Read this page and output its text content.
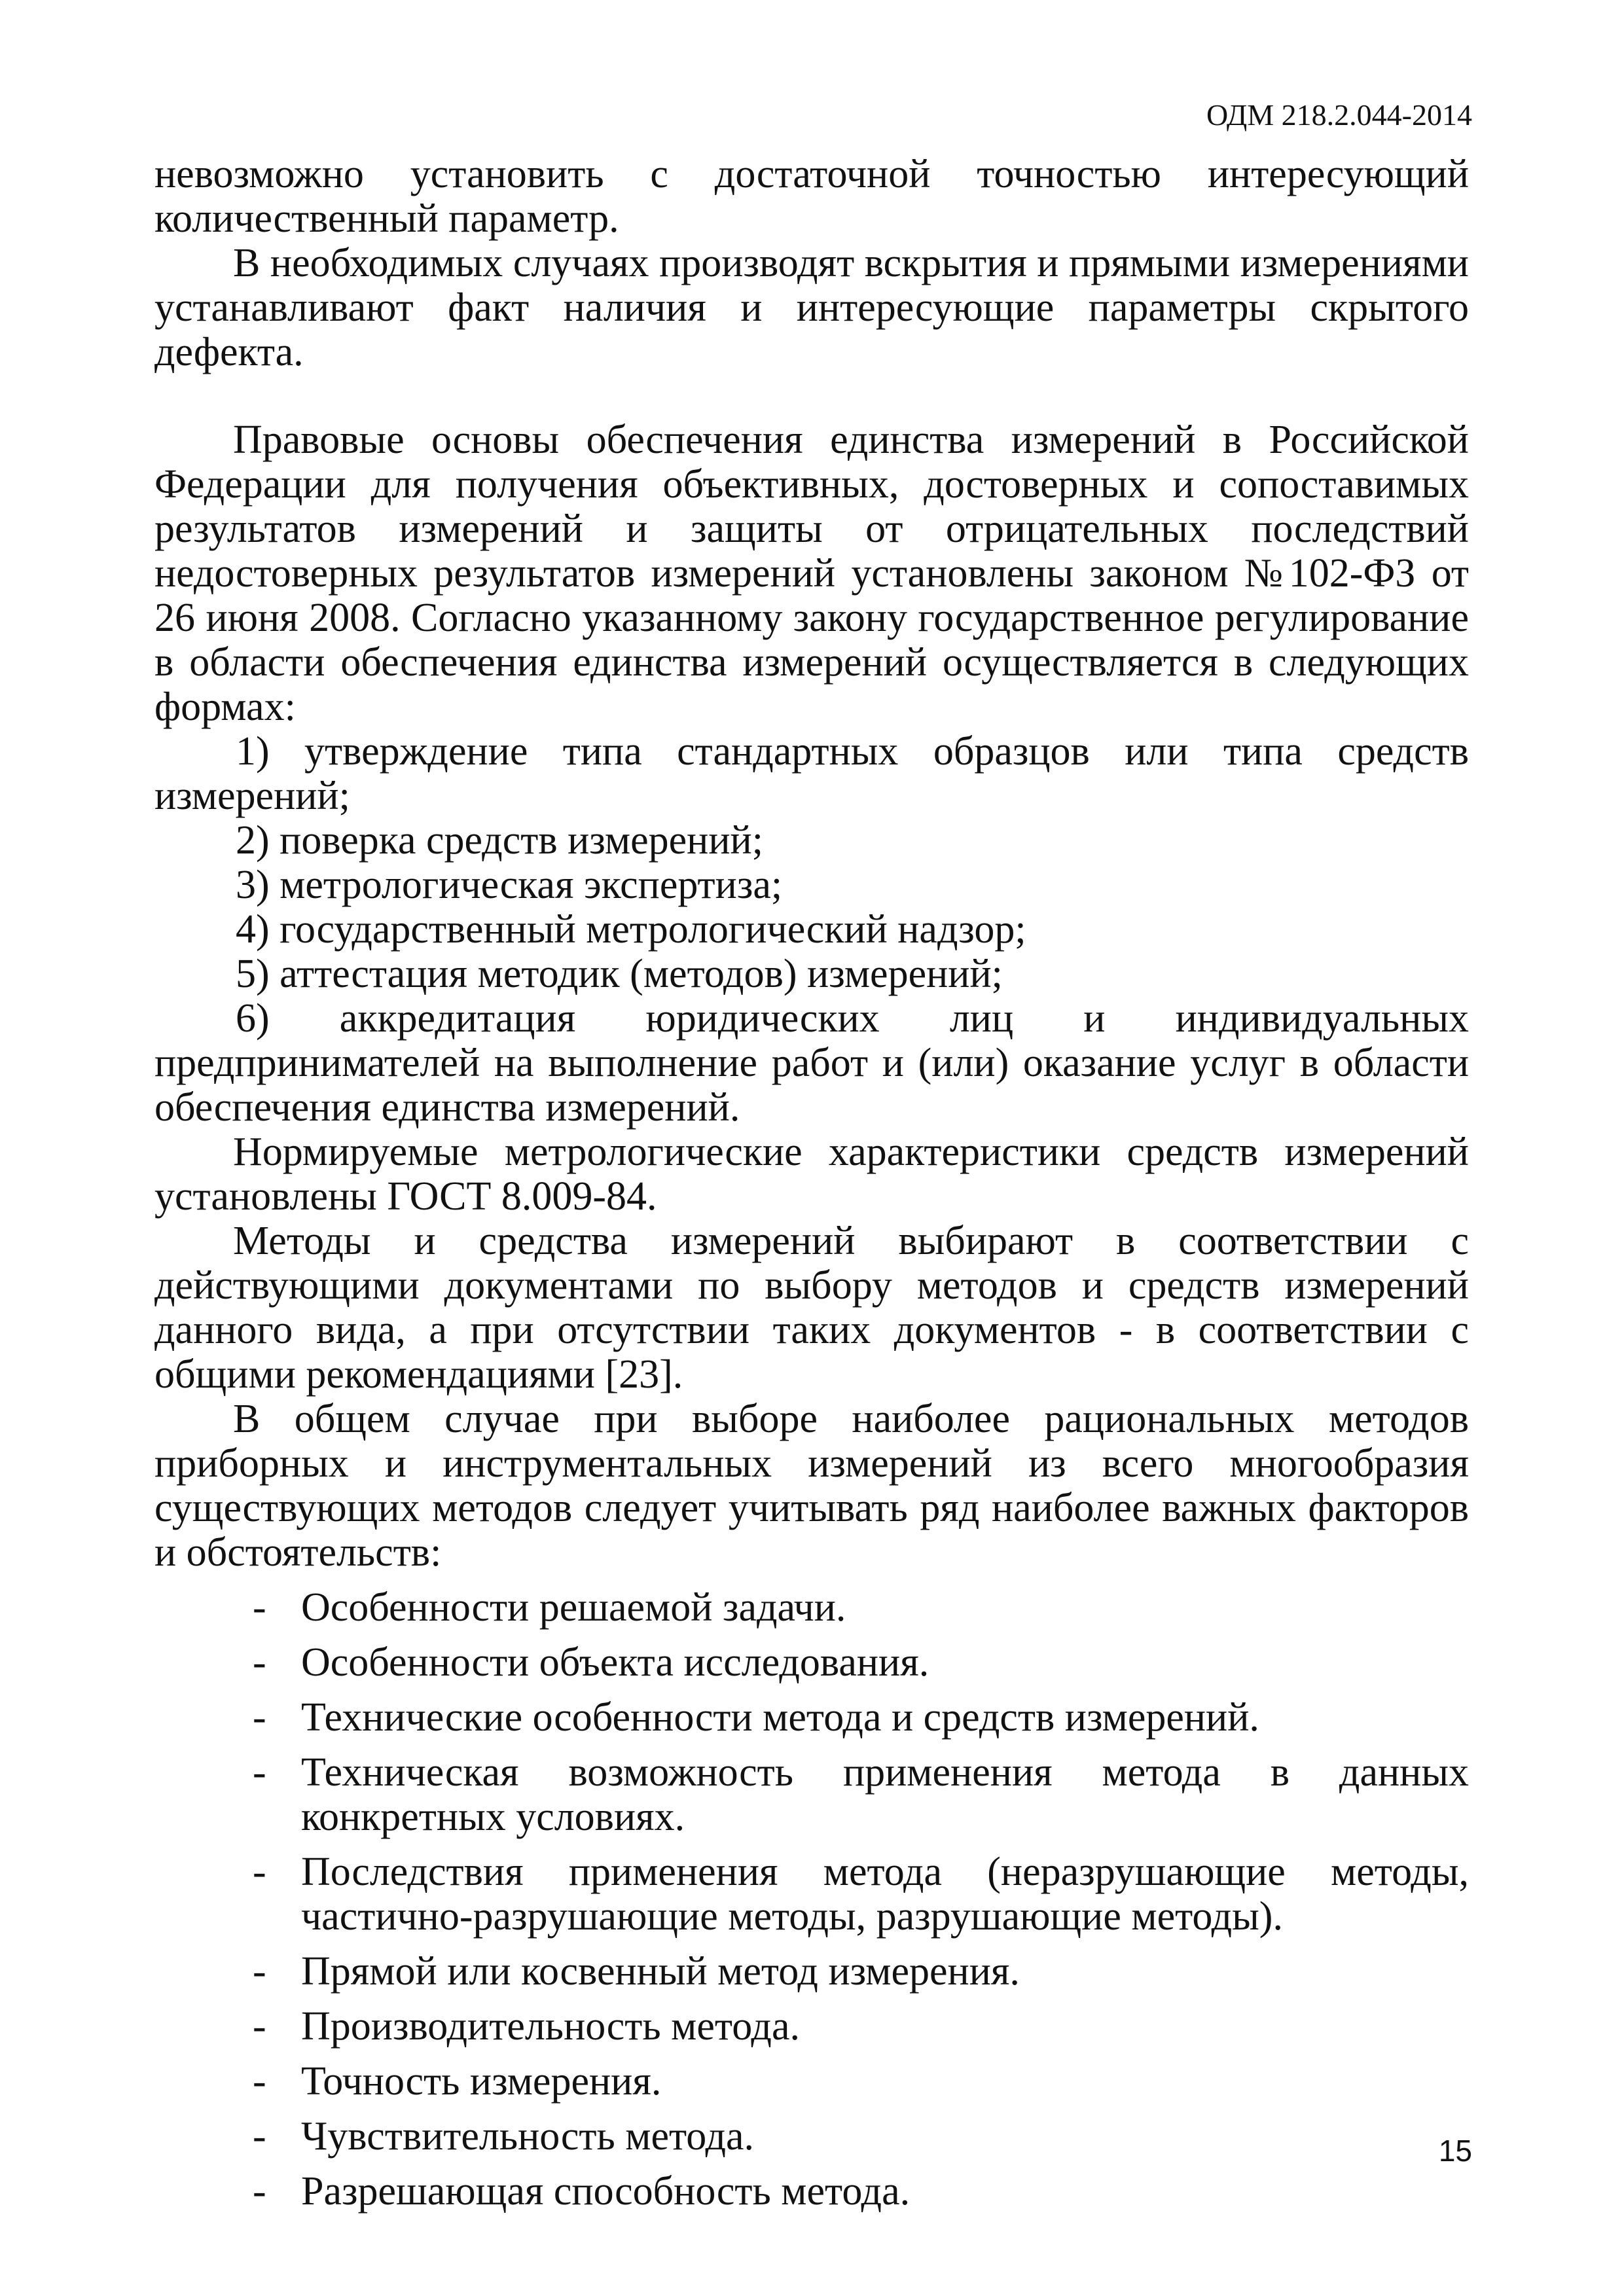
ОДМ 218.2.044-2014

невозможно установить с достаточной точностью интересующий количественный параметр.

В необходимых случаях производят вскрытия и прямыми измерениями устанавливают факт наличия и интересующие параметры скрытого дефекта.

Правовые основы обеспечения единства измерений в Российской Федерации для получения объективных, достоверных и сопоставимых результатов измерений и защиты от отрицательных последствий недостоверных результатов измерений установлены законом №102-ФЗ от 26 июня 2008. Согласно указанному закону государственное регулирование в области обеспечения единства измерений осуществляется в следующих формах:

1) утверждение типа стандартных образцов или типа средств измерений;
2) поверка средств измерений;
3) метрологическая экспертиза;
4) государственный метрологический надзор;
5) аттестация методик (методов) измерений;
6) аккредитация юридических лиц и индивидуальных предпринимателей на выполнение работ и (или) оказание услуг в области обеспечения единства измерений.

Нормируемые метрологические характеристики средств измерений установлены ГОСТ 8.009-84.

Методы и средства измерений выбирают в соответствии с действующими документами по выбору методов и средств измерений данного вида, а при отсутствии таких документов - в соответствии с общими рекомендациями [23].

В общем случае при выборе наиболее рациональных методов приборных и инструментальных измерений из всего многообразия существующих методов следует учитывать ряд наиболее важных факторов и обстоятельств:

- Особенности решаемой задачи.
- Особенности объекта исследования.
- Технические особенности метода и средств измерений.
- Техническая возможность применения метода в данных конкретных условиях.
- Последствия применения метода (неразрушающие методы, частично-разрушающие методы, разрушающие методы).
- Прямой или косвенный метод измерения.
- Производительность метода.
- Точность измерения.
- Чувствительность метода.
- Разрешающая способность метода.
15
